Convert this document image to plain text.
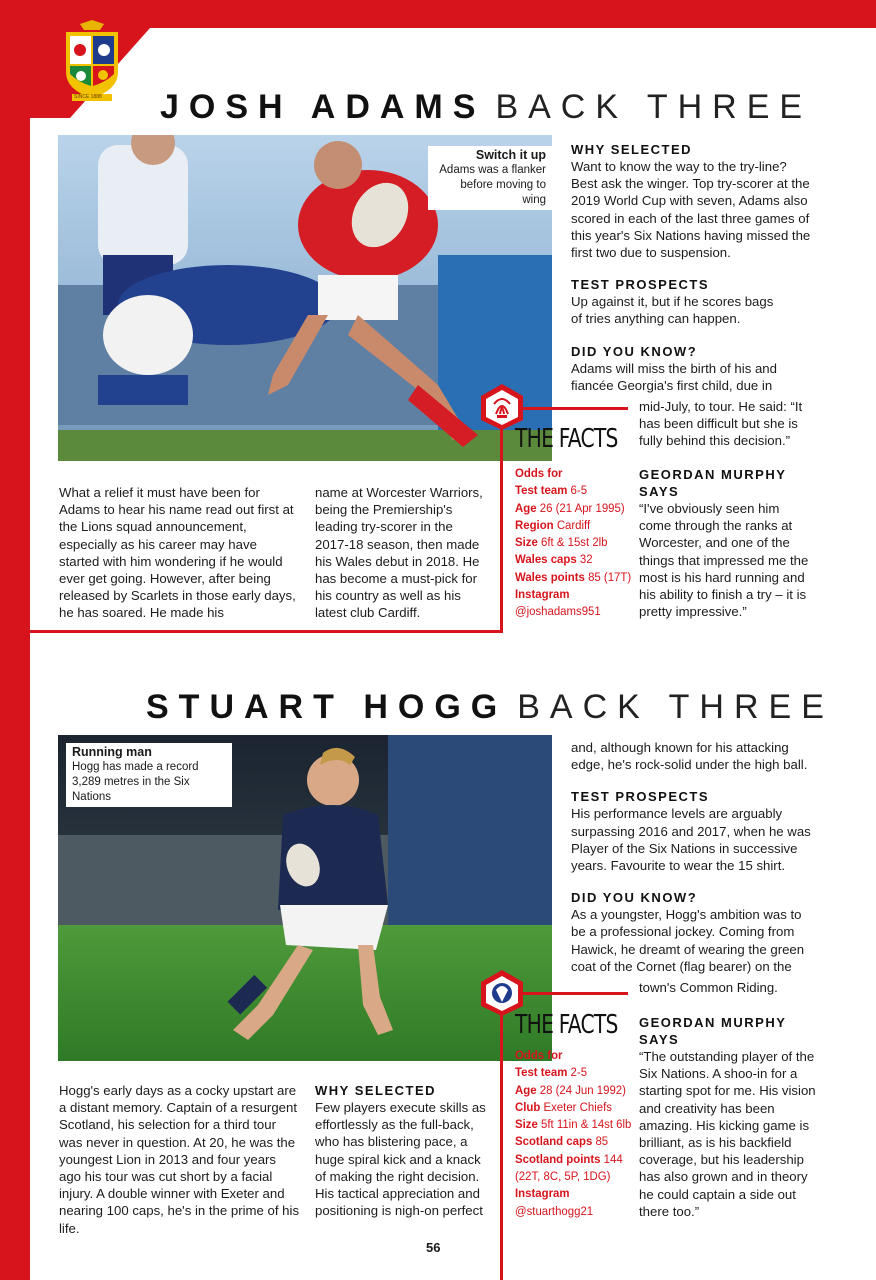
SINCE 1888 JOSH ADAMS BACK THREE
Switch it up
Adams was a flanker
before moving to wing
WHY SELECTED
Want to know the way to the try-line? Best ask the winger. Top try-scorer at the 2019 World Cup with seven, Adams also scored in each of the last three games of this year's Six Nations having missed the first two due to suspension.
TEST PROSPECTS
Up against it, but if he scores bags of tries anything can happen.
DID YOU KNOW?
Adams will miss the birth of his and fiancée Georgia's first child, due in
mid-July, to tour. He said: “It has been difficult but she is fully behind this decision.”
THE FACTS
Odds for
Test team 6-5
Age 26 (21 Apr 1995)
Region Cardiff
Size 6ft & 15st 2lb
Wales caps 32
Wales points 85 (17T)
Instagram
@joshadams951
GEORDAN MURPHY SAYS
“I've obviously seen him come through the ranks at Worcester, and one of the things that impressed me the most is his hard running and his ability to finish a try – it is pretty impressive.”
What a relief it must have been for Adams to hear his name read out first at the Lions squad announcement, especially as his career may have started with him wondering if he would ever get going. However, after being released by Scarlets in those early days, he has soared. He made his
name at Worcester Warriors, being the Premiership's leading try-scorer in the 2017-18 season, then made his Wales debut in 2018. He has become a must-pick for his country as well as his latest club Cardiff.
STUART HOGG BACK THREE
Running man
Hogg has made a record
3,289 metres in the Six Nations
and, although known for his attacking edge, he's rock-solid under the high ball.
TEST PROSPECTS
His performance levels are arguably surpassing 2016 and 2017, when he was Player of the Six Nations in successive years. Favourite to wear the 15 shirt.
DID YOU KNOW?
As a youngster, Hogg's ambition was to be a professional jockey. Coming from Hawick, he dreamt of wearing the green coat of the Cornet (flag bearer) on the
town's Common Riding.
THE FACTS
Odds for
Test team 2-5
Age 28 (24 Jun 1992)
Club Exeter Chiefs
Size 5ft 11in & 14st 6lb
Scotland caps 85
Scotland points 144
(22T, 8C, 5P, 1DG)
Instagram
@stuarthogg21
GEORDAN MURPHY SAYS
“The outstanding player of the Six Nations. A shoo-in for a starting spot for me. His vision and creativity has been amazing. His kicking game is brilliant, as is his backfield coverage, but his leadership has also grown and in theory he could captain a side out there too.”
Hogg's early days as a cocky upstart are a distant memory. Captain of a resurgent Scotland, his selection for a third tour was never in question. At 20, he was the youngest Lion in 2013 and four years ago his tour was cut short by a facial injury. A double winner with Exeter and nearing 100 caps, he's in the prime of his life.
WHY SELECTED
Few players execute skills as effortlessly as the full-back, who has blistering pace, a huge spiral kick and a knack of making the right decision. His tactical appreciation and positioning is nigh-on perfect
56
